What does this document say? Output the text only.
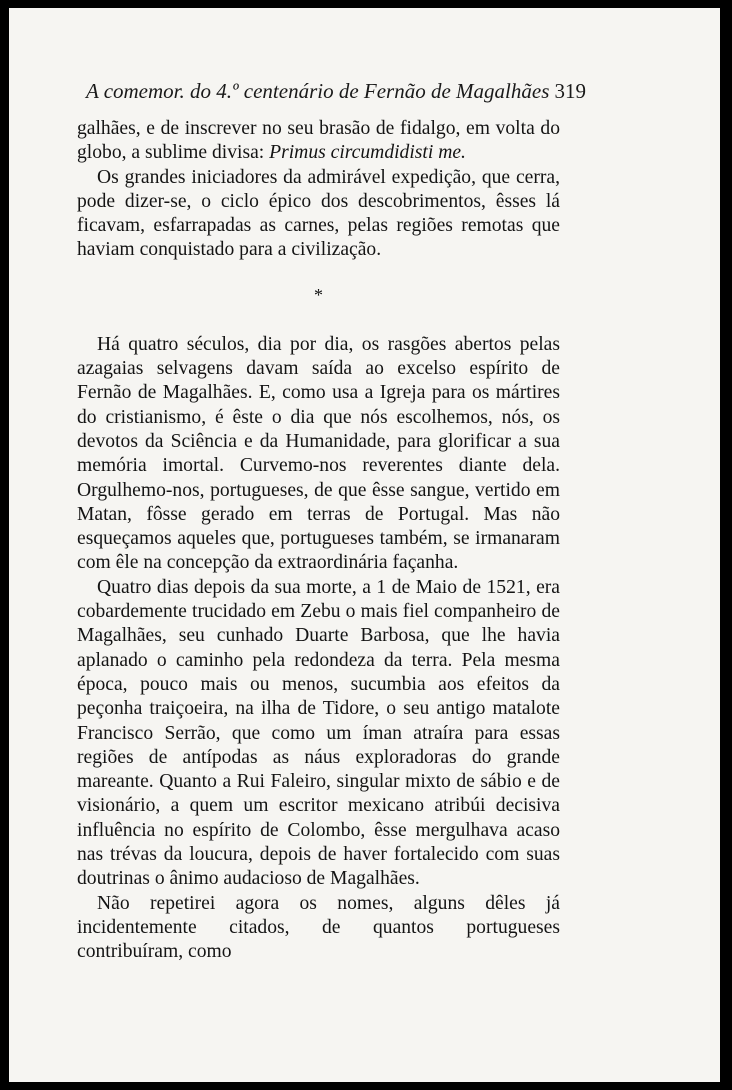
A comemor. do 4.º centenário de Fernão de Magalhães 319

galhães, e de inscrever no seu brasão de fidalgo, em volta do globo, a sublime divisa: Primus circumdidisti me.

Os grandes iniciadores da admirável expedição, que cerra, pode dizer-se, o ciclo épico dos descobrimentos, êsses lá ficavam, esfarrapadas as carnes, pelas regiões remotas que haviam conquistado para a civilização.

*

Há quatro séculos, dia por dia, os rasgões abertos pelas azagaias selvagens davam saída ao excelso espírito de Fernão de Magalhães. E, como usa a Igreja para os mártires do cristianismo, é êste o dia que nós escolhemos, nós, os devotos da Sciência e da Humanidade, para glorificar a sua memória imortal. Curvemo-nos reverentes diante dela. Orgulhemo-nos, portugueses, de que êsse sangue, vertido em Matan, fôsse gerado em terras de Portugal. Mas não esqueçamos aqueles que, portugueses também, se irmanaram com êle na concepção da extraordinária façanha.

Quatro dias depois da sua morte, a 1 de Maio de 1521, era cobardemente trucidado em Zebu o mais fiel companheiro de Magalhães, seu cunhado Duarte Barbosa, que lhe havia aplanado o caminho pela redondeza da terra. Pela mesma época, pouco mais ou menos, sucumbia aos efeitos da peçonha traiçoeira, na ilha de Tidore, o seu antigo matalote Francisco Serrão, que como um íman atraíra para essas regiões de antípodas as náus exploradoras do grande mareante. Quanto a Rui Faleiro, singular mixto de sábio e de visionário, a quem um escritor mexicano atribúi decisiva influência no espírito de Colombo, êsse mergulhava acaso nas trévas da loucura, depois de haver fortalecido com suas doutrinas o ânimo audacioso de Magalhães.

Não repetirei agora os nomes, alguns dêles já incidentemente citados, de quantos portugueses contribuíram, como
